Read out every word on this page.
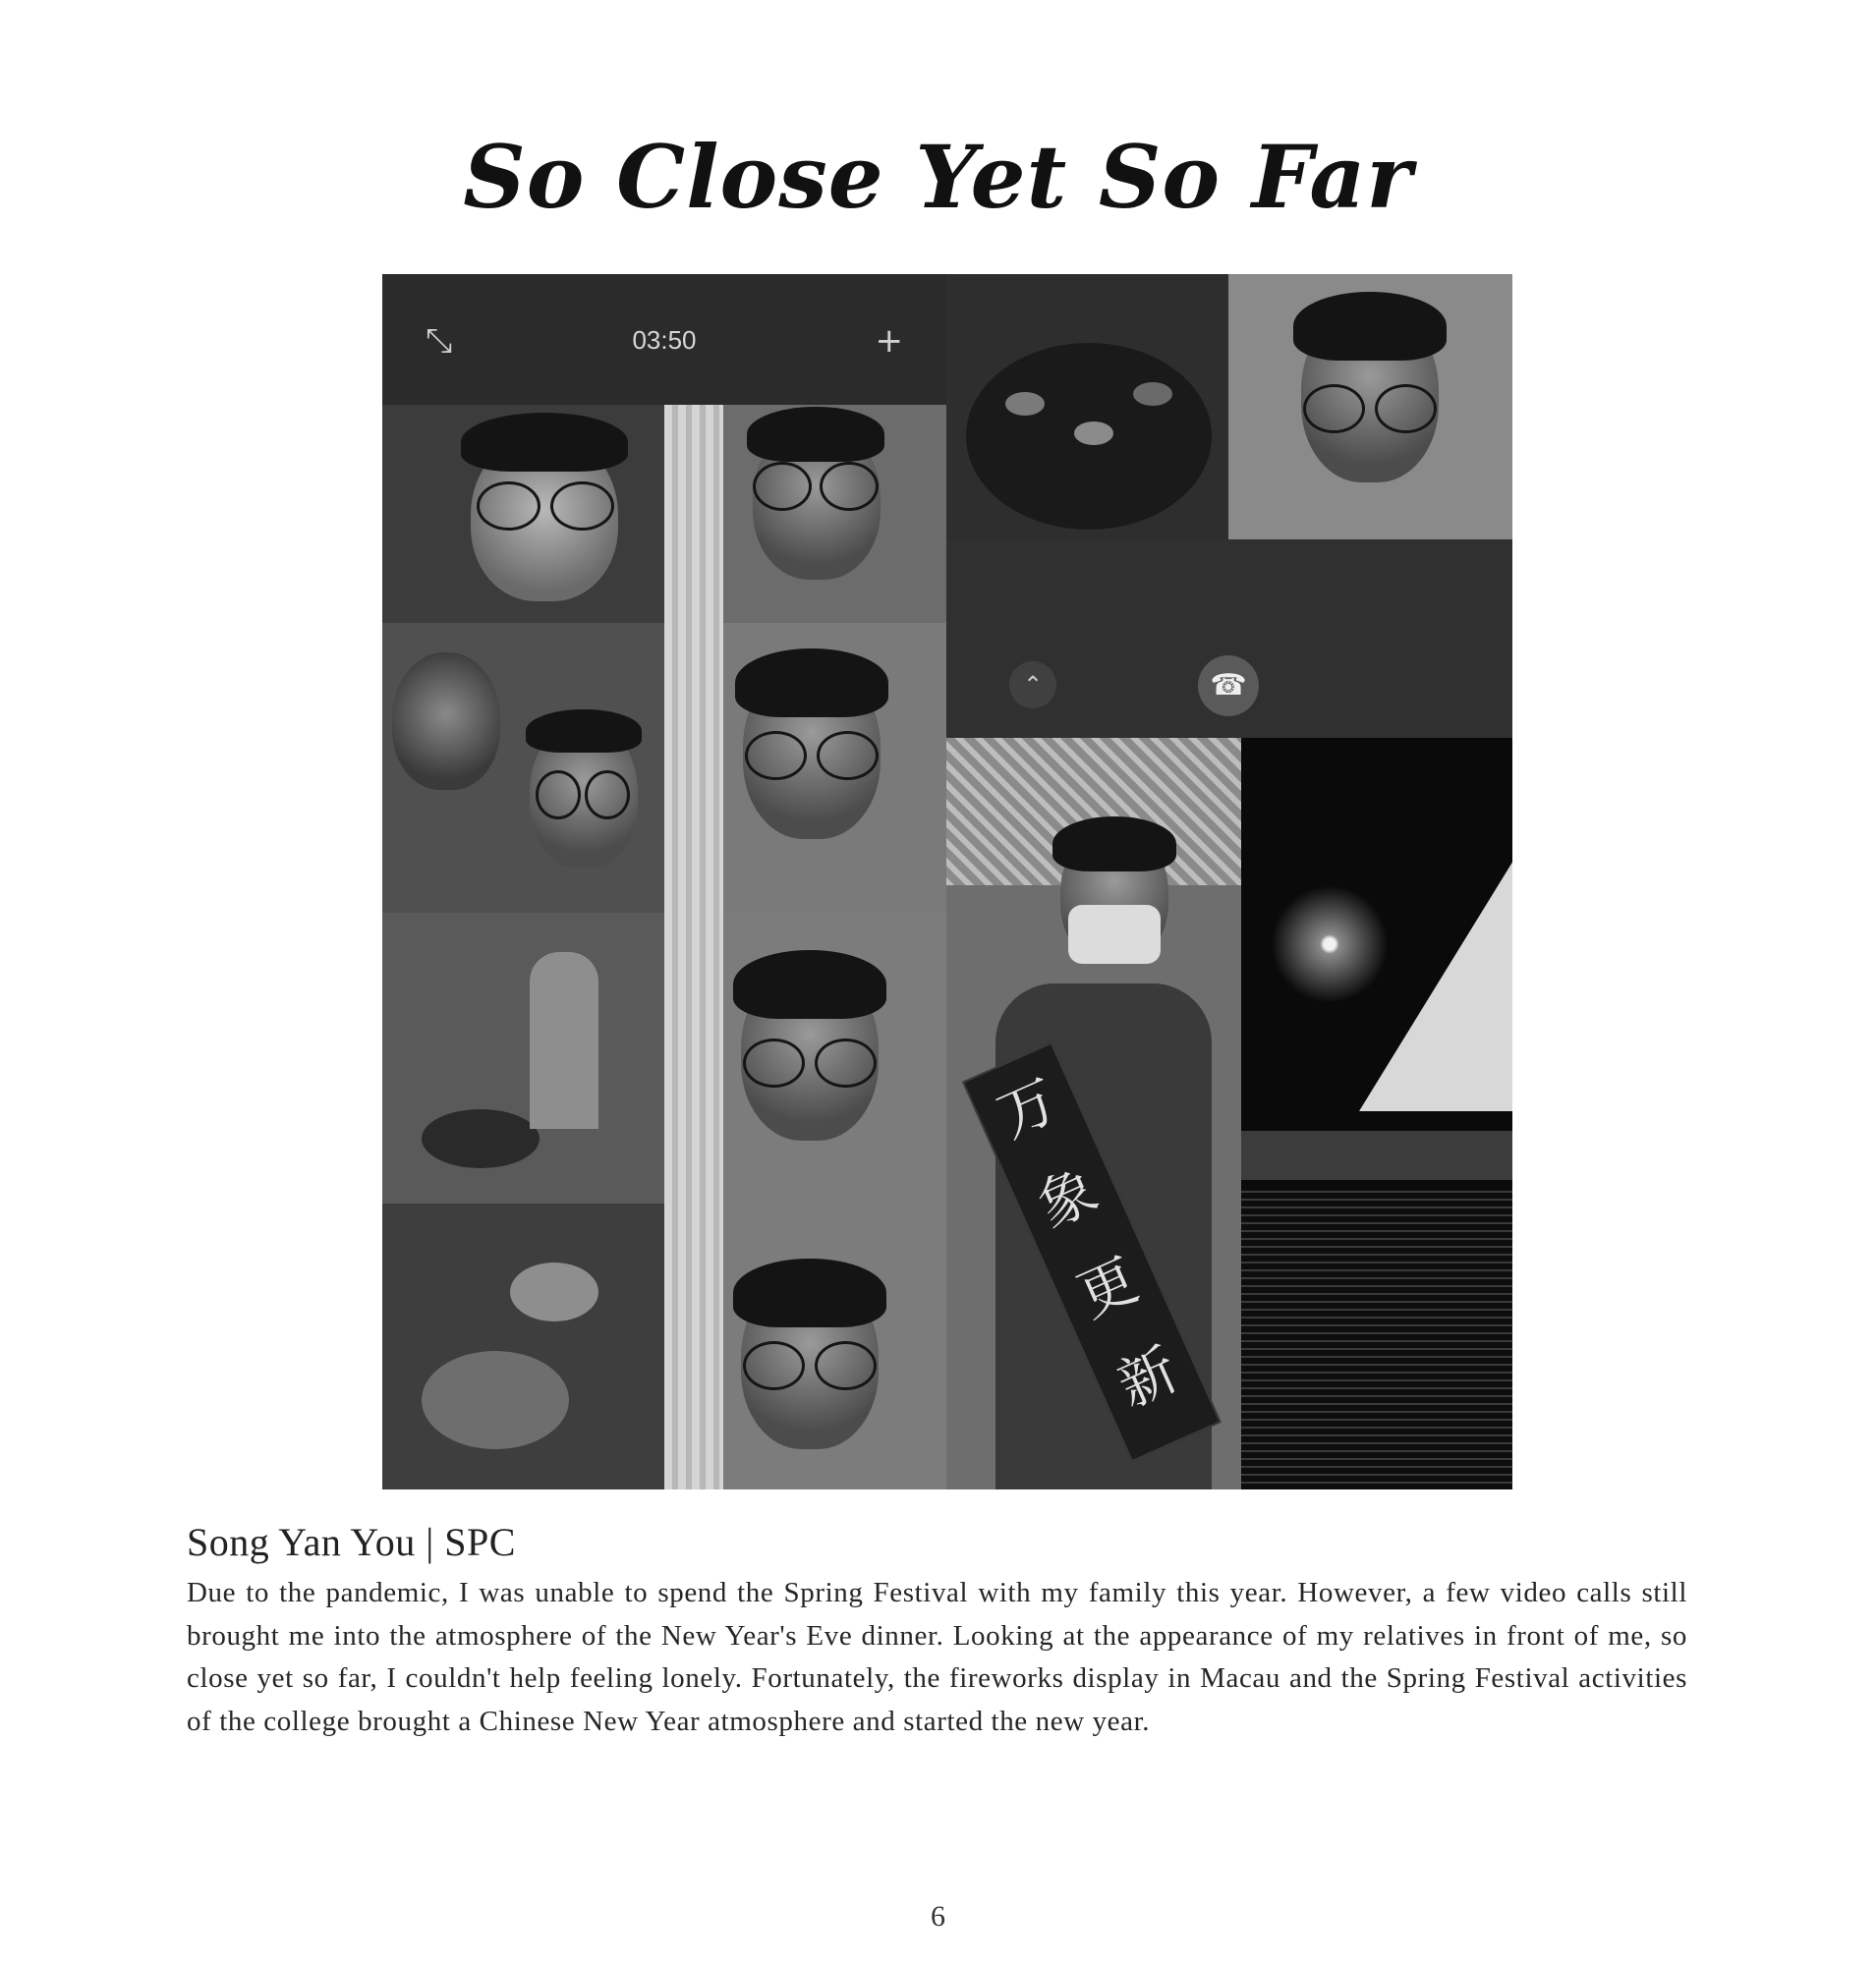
So Close Yet So Far
⤡	03:50	+
⌃	☎
万
象
更
新
Song Yan You | SPC
Due to the pandemic, I was unable to spend the Spring Festival with my family this year. However, a few video calls still brought me into the atmosphere of the New Year's Eve dinner. Looking at the appearance of my relatives in front of me, so close yet so far, I couldn't help feeling lonely. Fortunately, the fireworks display in Macau and the Spring Festival activities of the college brought a Chinese New Year atmosphere and started the new year.
6
